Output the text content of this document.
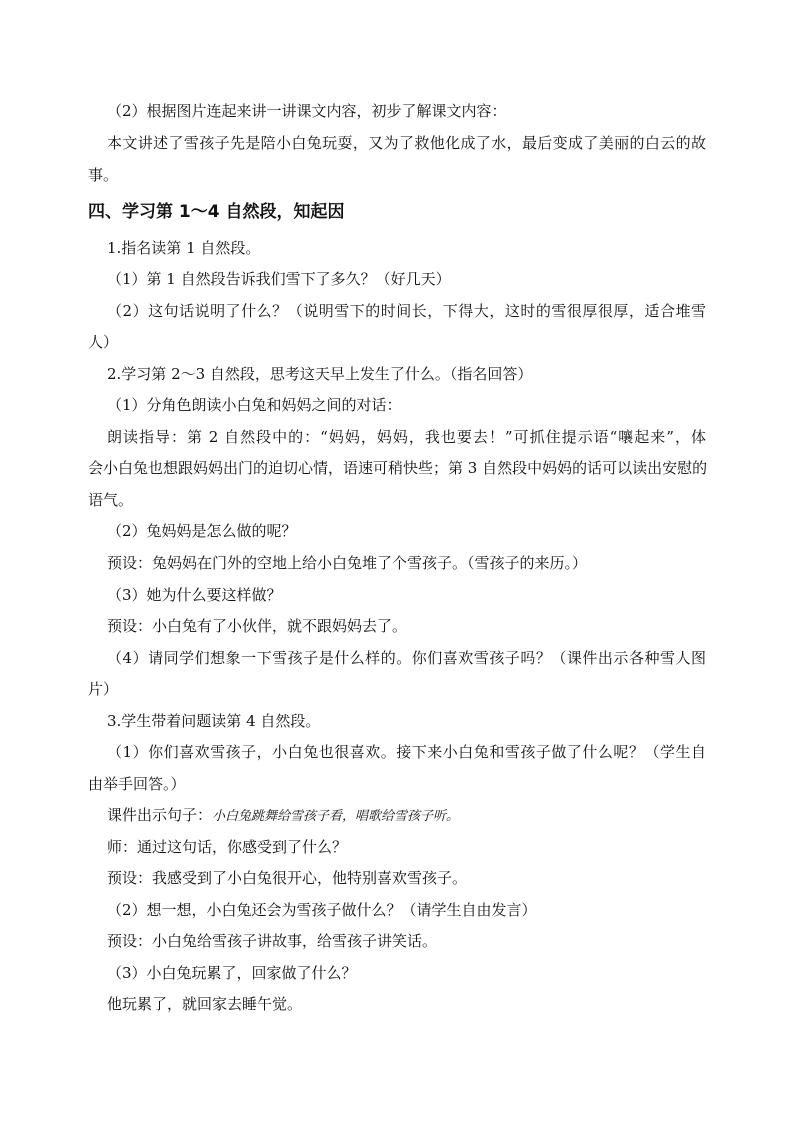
（2）根据图片连起来讲一讲课文内容，初步了解课文内容：
本文讲述了雪孩子先是陪小白兔玩耍，又为了救他化成了水，最后变成了美丽的白云的故
事。
四、学习第 1～4 自然段，知起因
1.指名读第 1 自然段。
（1）第 1 自然段告诉我们雪下了多久？（好几天）
（2）这句话说明了什么？（说明雪下的时间长，下得大，这时的雪很厚很厚，适合堆雪
人）
2.学习第 2～3 自然段，思考这天早上发生了什么。（指名回答）
（1）分角色朗读小白兔和妈妈之间的对话：
朗读指导：第 2 自然段中的：“妈妈，妈妈，我也要去！”可抓住提示语“嚷起来”，体
会小白兔也想跟妈妈出门的迫切心情，语速可稍快些；第 3 自然段中妈妈的话可以读出安慰的
语气。
（2）兔妈妈是怎么做的呢？
预设：兔妈妈在门外的空地上给小白兔堆了个雪孩子。（雪孩子的来历。）
（3）她为什么要这样做？
预设：小白兔有了小伙伴，就不跟妈妈去了。
（4）请同学们想象一下雪孩子是什么样的。你们喜欢雪孩子吗？（课件出示各种雪人图
片）
3.学生带着问题读第 4 自然段。
（1）你们喜欢雪孩子，小白兔也很喜欢。接下来小白兔和雪孩子做了什么呢？（学生自
由举手回答。）
课件出示句子：小白兔跳舞给雪孩子看，唱歌给雪孩子听。
师：通过这句话，你感受到了什么？
预设：我感受到了小白兔很开心，他特别喜欢雪孩子。
（2）想一想，小白兔还会为雪孩子做什么？（请学生自由发言）
预设：小白兔给雪孩子讲故事，给雪孩子讲笑话。
（3）小白兔玩累了，回家做了什么？
他玩累了，就回家去睡午觉。
